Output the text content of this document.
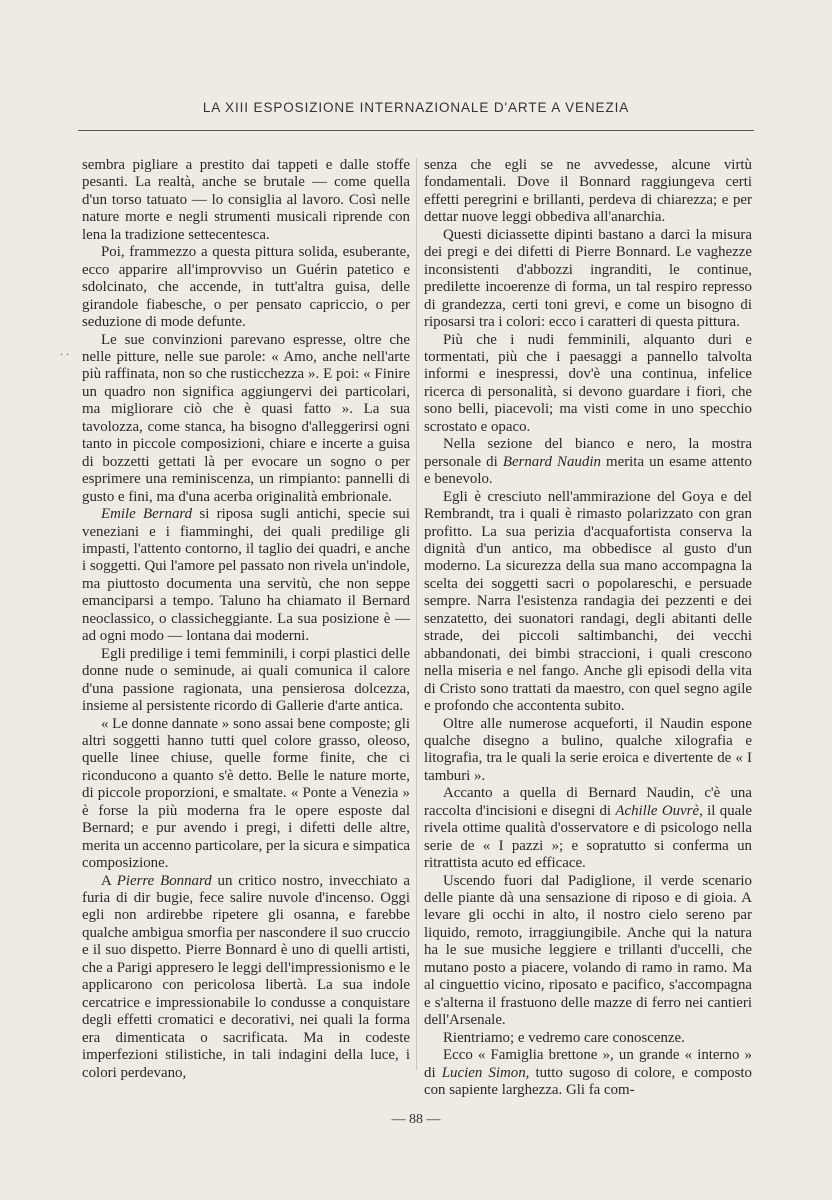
LA XIII ESPOSIZIONE INTERNAZIONALE D'ARTE A VENEZIA
. .

sembra pigliare a prestito dai tappeti e dalle stoffe pesanti. La realtà, anche se brutale — come quella d'un torso tatuato — lo consiglia al lavoro. Così nelle nature morte e negli strumenti musicali riprende con lena la tradizione settecentesca.

Poi, frammezzo a questa pittura solida, esuberante, ecco apparire all'improvviso un Guérin patetico e sdolcinato, che accende, in tutt'altra guisa, delle girandole fiabesche, o per pensato capriccio, o per seduzione di mode defunte.

Le sue convinzioni parevano espresse, oltre che nelle pitture, nelle sue parole: « Amo, anche nell'arte più raffinata, non so che rusticchezza ». E poi: « Finire un quadro non significa aggiungervi dei particolari, ma migliorare ciò che è quasi fatto ». La sua tavolozza, come stanca, ha bisogno d'alleggerirsi ogni tanto in piccole composizioni, chiare e incerte a guisa di bozzetti gettati là per evocare un sogno o per esprimere una reminiscenza, un rimpianto: pannelli di gusto e fini, ma d'una acerba originalità embrionale.

Emile Bernard si riposa sugli antichi, specie sui veneziani e i fiamminghi, dei quali predilige gli impasti, l'attento contorno, il taglio dei quadri, e anche i soggetti. Qui l'amore pel passato non rivela un'indole, ma piuttosto documenta una servitù, che non seppe emanciparsi a tempo. Taluno ha chiamato il Bernard neoclassico, o classicheggiante. La sua posizione è — ad ogni modo — lontana dai moderni.

Egli predilige i temi femminili, i corpi plastici delle donne nude o seminude, ai quali comunica il calore d'una passione ragionata, una pensierosa dolcezza, insieme al persistente ricordo di Gallerie d'arte antica.

« Le donne dannate » sono assai bene composte; gli altri soggetti hanno tutti quel colore grasso, oleoso, quelle linee chiuse, quelle forme finite, che ci riconducono a quanto s'è detto. Belle le nature morte, di piccole proporzioni, e smaltate. « Ponte a Venezia » è forse la più moderna fra le opere esposte dal Bernard; e pur avendo i pregi, i difetti delle altre, merita un accenno particolare, per la sicura e simpatica composizione.

A Pierre Bonnard un critico nostro, invecchiato a furia di dir bugie, fece salire nuvole d'incenso. Oggi egli non ardirebbe ripetere gli osanna, e farebbe qualche ambigua smorfia per nascondere il suo cruccio e il suo dispetto. Pierre Bonnard è uno di quelli artisti, che a Parigi appresero le leggi dell'impressionismo e le applicarono con pericolosa libertà. La sua indole cercatrice e impressionabile lo condusse a conquistare degli effetti cromatici e decorativi, nei quali la forma era dimenticata o sacrificata. Ma in codeste imperfezioni stilistiche, in tali indagini della luce, i colori perdevano,

senza che egli se ne avvedesse, alcune virtù fondamentali. Dove il Bonnard raggiungeva certi effetti peregrini e brillanti, perdeva di chiarezza; e per dettar nuove leggi obbediva all'anarchia.

Questi diciassette dipinti bastano a darci la misura dei pregi e dei difetti di Pierre Bonnard. Le vaghezze inconsistenti d'abbozzi ingranditi, le continue, predilette incoerenze di forma, un tal respiro represso di grandezza, certi toni grevi, e come un bisogno di riposarsi tra i colori: ecco i caratteri di questa pittura.

Più che i nudi femminili, alquanto duri e tormentati, più che i paesaggi a pannello talvolta informi e inespressi, dov'è una continua, infelice ricerca di personalità, si devono guardare i fiori, che sono belli, piacevoli; ma visti come in uno specchio scrostato e opaco.

Nella sezione del bianco e nero, la mostra personale di Bernard Naudin merita un esame attento e benevolo.

Egli è cresciuto nell'ammirazione del Goya e del Rembrandt, tra i quali è rimasto polarizzato con gran profitto. La sua perizia d'acquafortista conserva la dignità d'un antico, ma obbedisce al gusto d'un moderno. La sicurezza della sua mano accompagna la scelta dei soggetti sacri o popolareschi, e persuade sempre. Narra l'esistenza randagia dei pezzenti e dei senzatetto, dei suonatori randagi, degli abitanti delle strade, dei piccoli saltimbanchi, dei vecchi abbandonati, dei bimbi straccioni, i quali crescono nella miseria e nel fango. Anche gli episodi della vita di Cristo sono trattati da maestro, con quel segno agile e profondo che accontenta subito.

Oltre alle numerose acqueforti, il Naudin espone qualche disegno a bulino, qualche xilografia e litografia, tra le quali la serie eroica e divertente de « I tamburi ».

Accanto a quella di Bernard Naudin, c'è una raccolta d'incisioni e disegni di Achille Ouvrè, il quale rivela ottime qualità d'osservatore e di psicologo nella serie de « I pazzi »; e sopratutto si conferma un ritrattista acuto ed efficace.

Uscendo fuori dal Padiglione, il verde scenario delle piante dà una sensazione di riposo e di gioia. A levare gli occhi in alto, il nostro cielo sereno par liquido, remoto, irraggiungibile. Anche qui la natura ha le sue musiche leggiere e trillanti d'uccelli, che mutano posto a piacere, volando di ramo in ramo. Ma al cinguettio vicino, riposato e pacifico, s'accompagna e s'alterna il frastuono delle mazze di ferro nei cantieri dell'Arsenale.

Rientriamo; e vedremo care conoscenze.

Ecco « Famiglia brettone », un grande « interno » di Lucien Simon, tutto sugoso di colore, e composto con sapiente larghezza. Gli fa com-

— 88 —
